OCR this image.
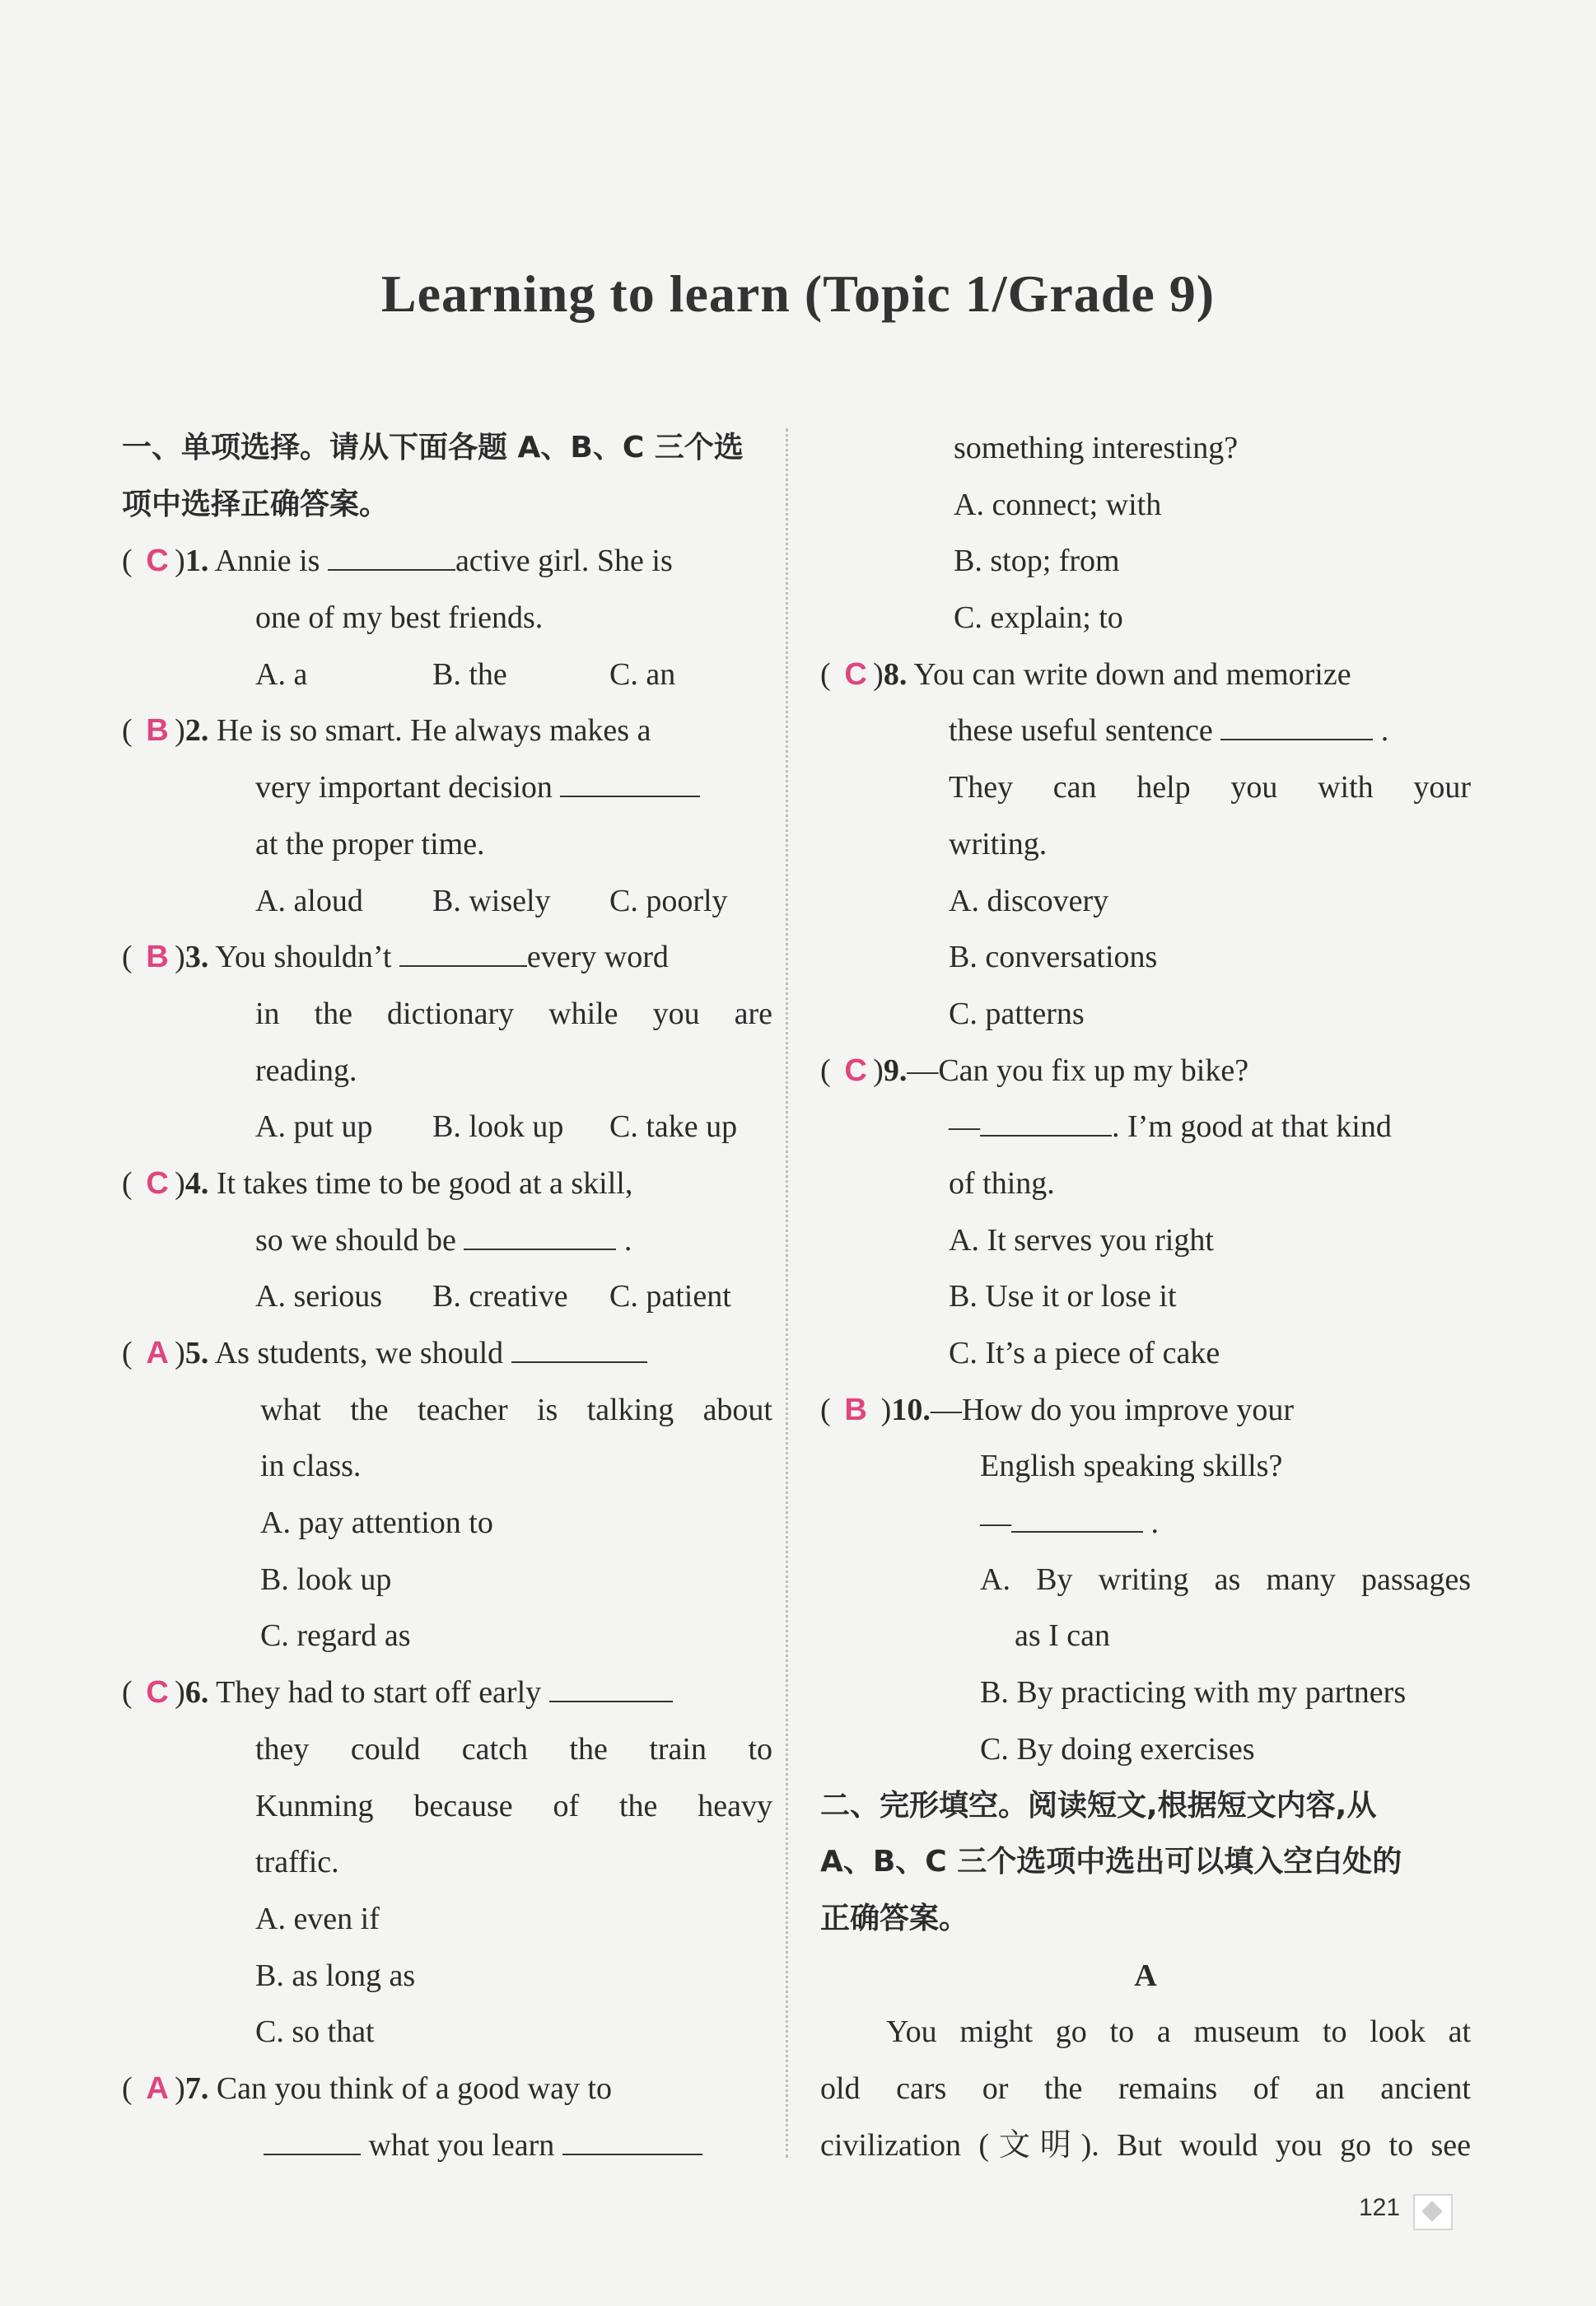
Learning to learn (Topic 1/Grade 9)
一、单项选择。请从下面各题 A、B、C 三个选
项中选择正确答案。
( C )1. Annie is	active girl. She is
one of my best friends.
A. a	B. the	C. an
( B )2. He is so smart. He always makes a
very important decision
at the proper time.
A. aloud B. wisely C. poorly
( B )3. You shouldn’t	every word
in the dictionary while you are
reading.
A. put up B. look up C. take up
( C )4. It takes time to be good at a skill,
so we should be	.
A. serious B. creative C. patient
( A )5. As students, we should
what the teacher is talking about
in class.
A. pay attention to
B. look up
C. regard as
( C )6. They had to start off early
they could catch the train to
Kunming because of the heavy
traffic.
A. even if
B. as long as
C. so that
( A )7. Can you think of a good way to
what you learn
something interesting?
A. connect; with
B. stop; from
C. explain; to
( C )8. You can write down and memorize
these useful sentence	.
They can help you with your
writing.
A. discovery
B. conversations
C. patterns
( C )9.—Can you fix up my bike?
—	. I’m good at that kind
of thing.
A. It serves you right
B. Use it or lose it
C. It’s a piece of cake
( B )10.—How do you improve your
English speaking skills?
—	.
A. By writing as many passages
as I can
B. By practicing with my partners
C. By doing exercises
二、完形填空。阅读短文,根据短文内容,从
A、B、C 三个选项中选出可以填入空白处的
正确答案。
A
You might go to a museum to look at
old cars or the remains of an ancient
civilization (文明). But would you go to see
121
